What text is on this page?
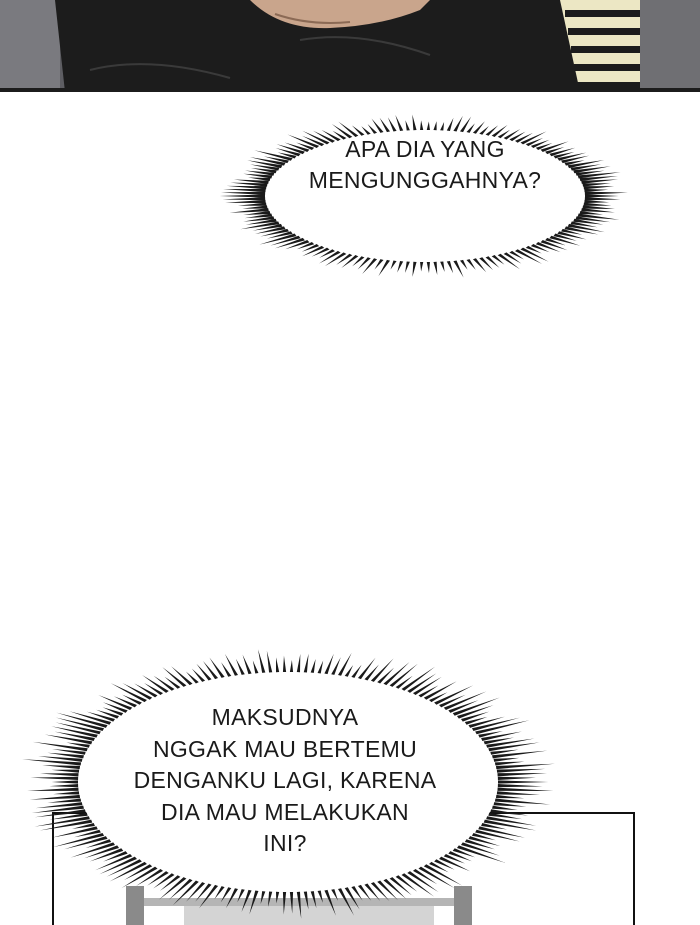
APA DIA YANG
MENGUNGGAHNYA?

MAKSUDNYA
NGGAK MAU BERTEMU
DENGANKU LAGI, KARENA
DIA MAU MELAKUKAN
INI?
